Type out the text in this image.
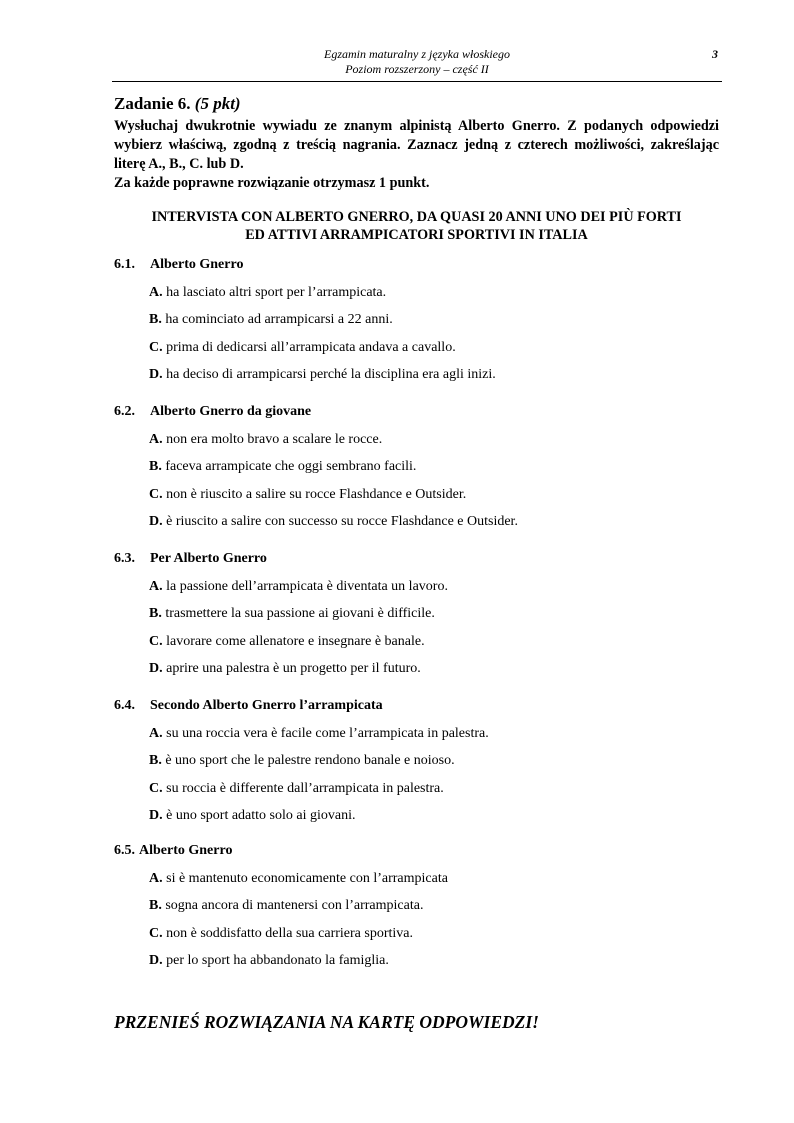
Egzamin maturalny z języka włoskiego
Poziom rozszerzony – część II
3
Zadanie 6. (5 pkt)

Wysłuchaj dwukrotnie wywiadu ze znanym alpinistą Alberto Gnerro. Z podanych odpowiedzi wybierz właściwą, zgodną z treścią nagrania. Zaznacz jedną z czterech możliwości, zakreślając literę A., B., C. lub D.

Za każde poprawne rozwiązanie otrzymasz 1 punkt.

INTERVISTA CON ALBERTO GNERRO, DA QUASI 20 ANNI UNO DEI PIÙ FORTI
ED ATTIVI ARRAMPICATORI SPORTIVI IN ITALIA
6.1. Alberto Gnerro
A. ha lasciato altri sport per l’arrampicata.
B. ha cominciato ad arrampicarsi a 22 anni.
C. prima di dedicarsi all’arrampicata andava a cavallo.
D. ha deciso di arrampicarsi perché la disciplina era agli inizi.
6.2. Alberto Gnerro da giovane
A. non era molto bravo a scalare le rocce.
B. faceva arrampicate che oggi sembrano facili.
C. non è riuscito a salire su rocce Flashdance e Outsider.
D. è riuscito a salire con successo su rocce Flashdance e Outsider.
6.3. Per Alberto Gnerro
A. la passione dell’arrampicata è diventata un lavoro.
B. trasmettere la sua passione ai giovani è difficile.
C. lavorare come allenatore e insegnare è banale.
D. aprire una palestra è un progetto per il futuro.
6.4. Secondo Alberto Gnerro l’arrampicata
A. su una roccia vera è facile come l’arrampicata in palestra.
B. è uno sport che le palestre rendono banale e noioso.
C. su roccia è differente dall’arrampicata in palestra.
D. è uno sport adatto solo ai giovani.
6.5. Alberto Gnerro
A. si è mantenuto economicamente con l’arrampicata
B. sogna ancora di mantenersi con l’arrampicata.
C. non è soddisfatto della sua carriera sportiva.
D. per lo sport ha abbandonato la famiglia.
PRZENIEŚ ROZWIĄZANIA NA KARTĘ ODPOWIEDZI!
